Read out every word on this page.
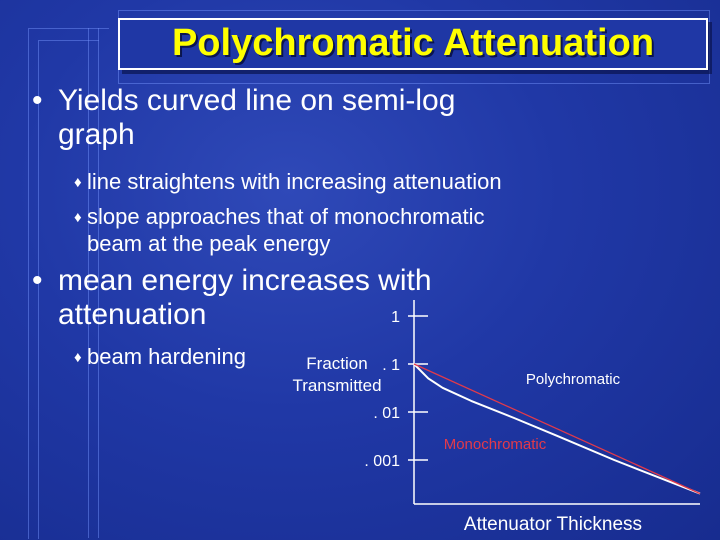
Polychromatic Attenuation
• Yields curved line on semi-log
graph
♦ line straightens with increasing attenuation
♦ slope approaches that of monochromatic
beam at the peak energy
• mean energy increases with
attenuation
♦ beam hardening	Fraction
Transmitted
Attenuator Thickness
Polychromatic
Monochromatic
1
. 1
. 01
. 001
